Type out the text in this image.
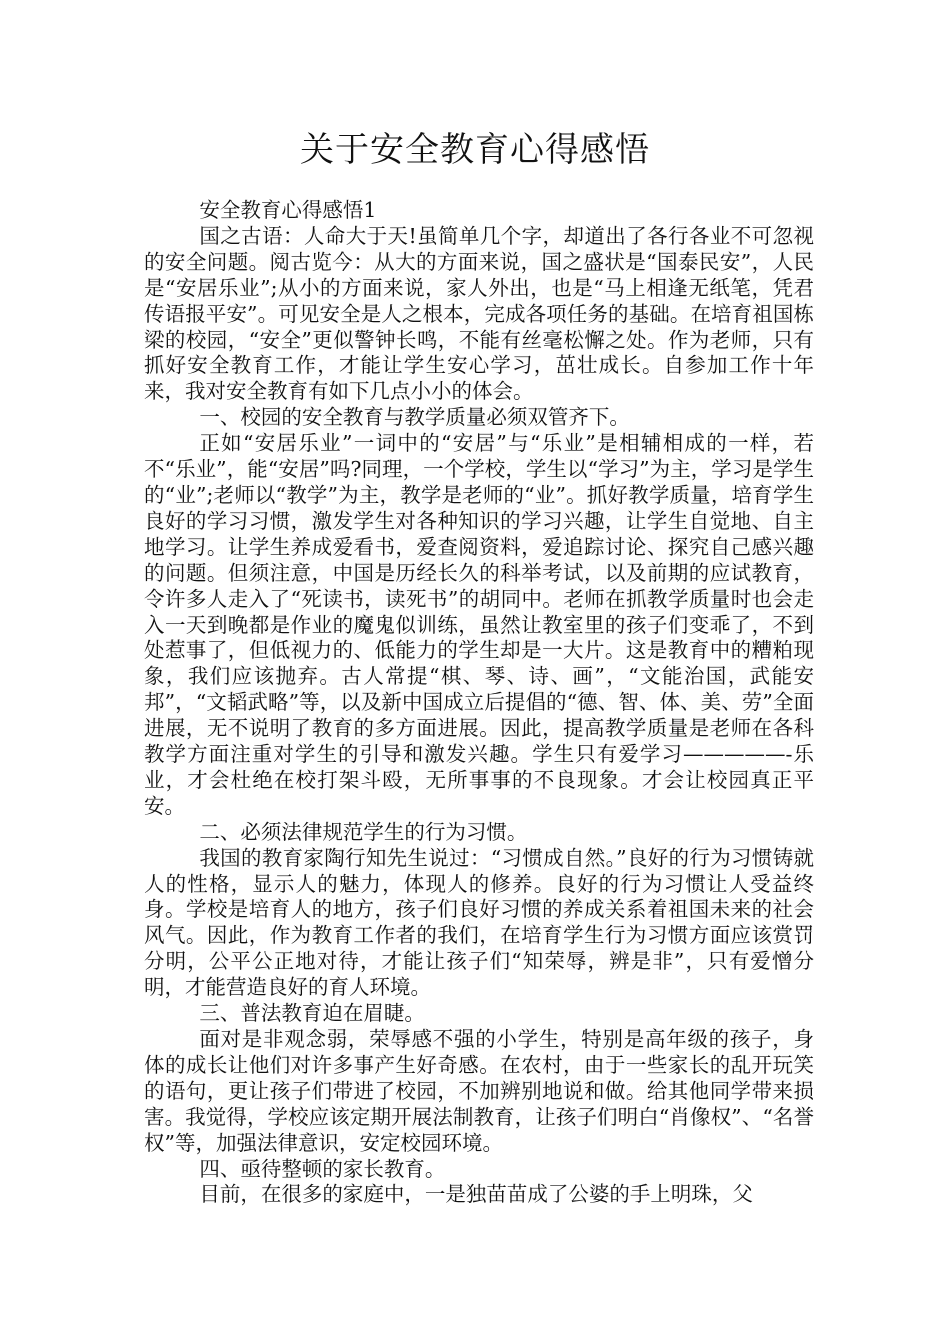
关于安全教育心得感悟

安全教育心得感悟1

国之古语：人命大于天!虽简单几个字，却道出了各行各业不可忽视的安全问题。阅古览今：从大的方面来说，国之盛状是“国泰民安”，人民是“安居乐业”;从小的方面来说，家人外出，也是“马上相逢无纸笔，凭君传语报平安”。可见安全是人之根本，完成各项任务的基础。在培育祖国栋梁的校园，“安全”更似警钟长鸣，不能有丝毫松懈之处。作为老师，只有抓好安全教育工作，才能让学生安心学习，茁壮成长。自参加工作十年来，我对安全教育有如下几点小小的体会。

一、校园的安全教育与教学质量必须双管齐下。

正如“安居乐业”一词中的“安居”与“乐业”是相辅相成的一样，若不“乐业”，能“安居”吗?同理，一个学校，学生以“学习”为主，学习是学生的“业”;老师以“教学”为主，教学是老师的“业”。抓好教学质量，培育学生良好的学习习惯，激发学生对各种知识的学习兴趣，让学生自觉地、自主地学习。让学生养成爱看书，爱查阅资料，爱追踪讨论、探究自己感兴趣的问题。但须注意，中国是历经长久的科举考试，以及前期的应试教育，令许多人走入了“死读书，读死书”的胡同中。老师在抓教学质量时也会走入一天到晚都是作业的魔鬼似训练，虽然让教室里的孩子们变乖了，不到处惹事了，但低视力的、低能力的学生却是一大片。这是教育中的糟粕现象，我们应该抛弃。古人常提“棋、琴、诗、画”，“文能治国，武能安邦”，“文韬武略”等，以及新中国成立后提倡的“德、智、体、美、劳”全面进展，无不说明了教育的多方面进展。因此，提高教学质量是老师在各科教学方面注重对学生的引导和激发兴趣。学生只有爱学习—————-乐业，才会杜绝在校打架斗殴，无所事事的不良现象。才会让校园真正平安。

二、必须法律规范学生的行为习惯。

我国的教育家陶行知先生说过：“习惯成自然。”良好的行为习惯铸就人的性格，显示人的魅力，体现人的修养。良好的行为习惯让人受益终身。学校是培育人的地方，孩子们良好习惯的养成关系着祖国未来的社会风气。因此，作为教育工作者的我们，在培育学生行为习惯方面应该赏罚分明，公平公正地对待，才能让孩子们“知荣辱，辨是非”，只有爱憎分明，才能营造良好的育人环境。

三、普法教育迫在眉睫。

面对是非观念弱，荣辱感不强的小学生，特别是高年级的孩子，身体的成长让他们对许多事产生好奇感。在农村，由于一些家长的乱开玩笑的语句，更让孩子们带进了校园，不加辨别地说和做。给其他同学带来损害。我觉得，学校应该定期开展法制教育，让孩子们明白“肖像权”、“名誉权”等，加强法律意识，安定校园环境。

四、亟待整顿的家长教育。

目前，在很多的家庭中，一是独苗苗成了公婆的手上明珠，父
